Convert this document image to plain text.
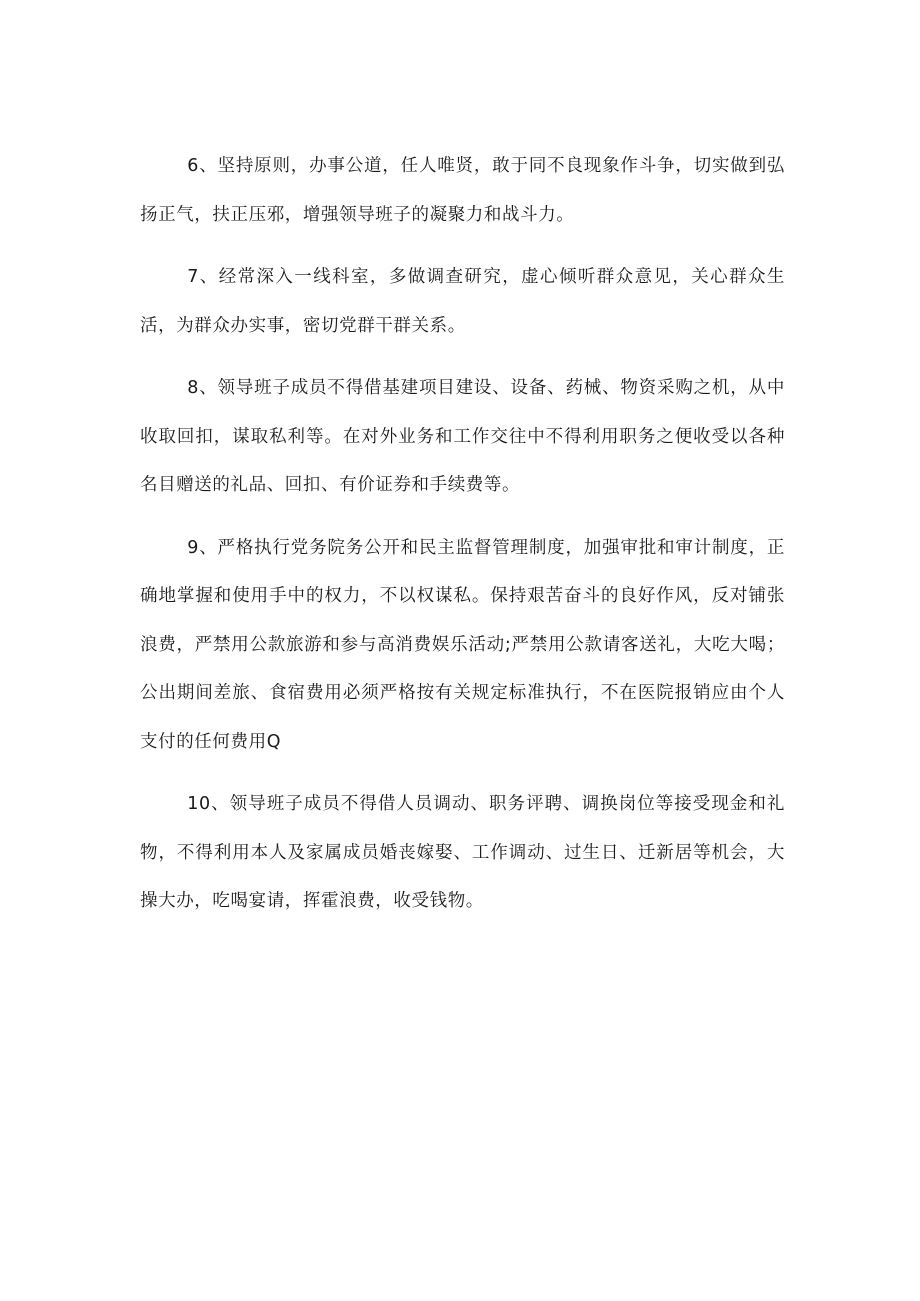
6、坚持原则，办事公道，任人唯贤，敢于同不良现象作斗争，切实做到弘扬正气，扶正压邪，增强领导班子的凝聚力和战斗力。

7、经常深入一线科室，多做调查研究，虚心倾听群众意见，关心群众生活，为群众办实事，密切党群干群关系。

8、领导班子成员不得借基建项目建设、设备、药械、物资采购之机，从中收取回扣，谋取私利等。在对外业务和工作交往中不得利用职务之便收受以各种名目赠送的礼品、回扣、有价证券和手续费等。

9、严格执行党务院务公开和民主监督管理制度，加强审批和审计制度，正确地掌握和使用手中的权力，不以权谋私。保持艰苦奋斗的良好作风，反对铺张浪费，严禁用公款旅游和参与高消费娱乐活动;严禁用公款请客送礼，大吃大喝；公出期间差旅、食宿费用必须严格按有关规定标准执行，不在医院报销应由个人支付的任何费用Q

10、领导班子成员不得借人员调动、职务评聘、调换岗位等接受现金和礼物，不得利用本人及家属成员婚丧嫁娶、工作调动、过生日、迁新居等机会，大操大办，吃喝宴请，挥霍浪费，收受钱物。
